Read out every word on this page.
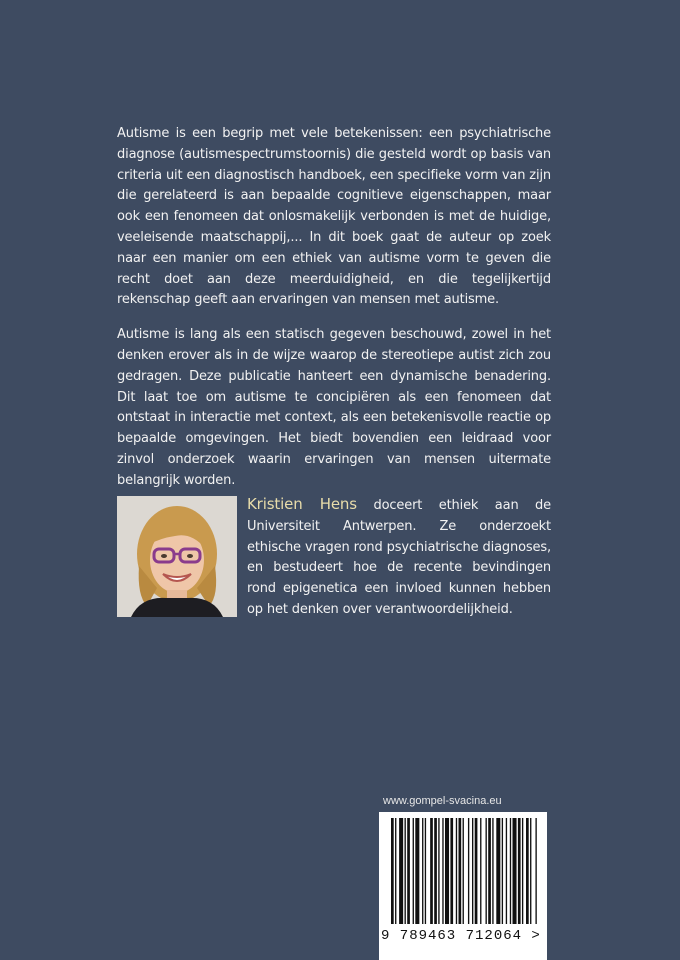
Autisme is een begrip met vele betekenissen: een psychiatrische diagnose (autismespectrumstoornis) die gesteld wordt op basis van criteria uit een diagnostisch handboek, een specifieke vorm van zijn die gerelateerd is aan bepaalde cognitieve eigenschappen, maar ook een fenomeen dat onlosmakelijk verbonden is met de huidige, veeleisende maatschappij,... In dit boek gaat de auteur op zoek naar een manier om een ethiek van autisme vorm te geven die recht doet aan deze meerduidigheid, en die tegelijkertijd rekenschap geeft aan ervaringen van mensen met autisme.

Autisme is lang als een statisch gegeven beschouwd, zowel in het denken erover als in de wijze waarop de stereotiepe autist zich zou gedragen. Deze publicatie hanteert een dynamische benadering. Dit laat toe om autisme te concipiëren als een fenomeen dat ontstaat in interactie met context, als een betekenisvolle reactie op bepaalde omgevingen. Het biedt bovendien een leidraad voor zinvol onderzoek waarin ervaringen van mensen uitermate belangrijk worden.

Kristien Hens doceert ethiek aan de Universiteit Antwerpen. Ze onderzoekt ethische vragen rond psychiatrische diagnoses, en bestudeert hoe de recente bevindingen rond epigenetica een invloed kunnen hebben op het denken over verantwoordelijkheid.
www.gompel-svacina.eu
9 789463 712064 >
